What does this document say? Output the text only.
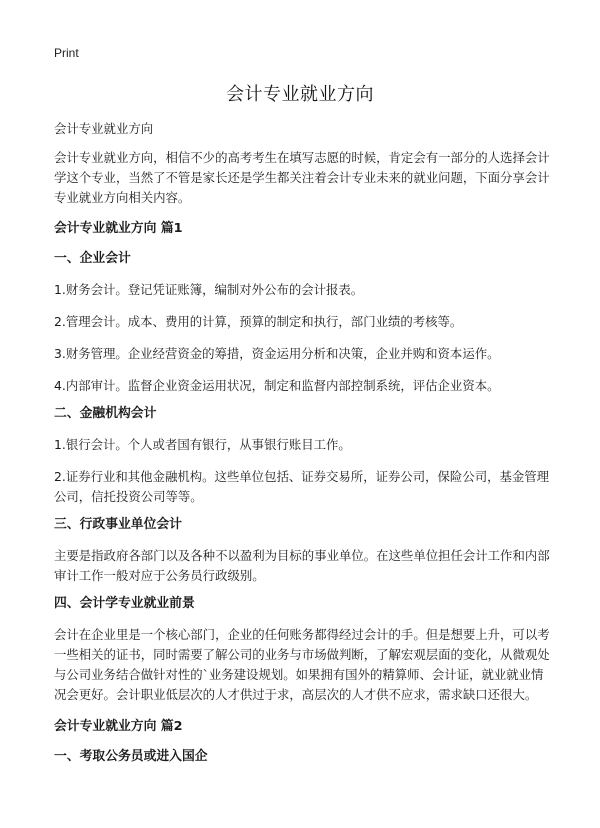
Print
会计专业就业方向

会计专业就业方向

会计专业就业方向，相信不少的高考考生在填写志愿的时候，肯定会有一部分的人选择会计学这个专业，当然了不管是家长还是学生都关注着会计专业未来的就业问题，下面分享会计专业就业方向相关内容。

会计专业就业方向 篇1
一、企业会计

1.财务会计。登记凭证账簿，编制对外公布的会计报表。

2.管理会计。成本、费用的计算，预算的制定和执行，部门业绩的考核等。

3.财务管理。企业经营资金的筹措，资金运用分析和决策，企业并购和资本运作。

4.内部审计。监督企业资金运用状况，制定和监督内部控制系统，评估企业资本。

二、金融机构会计

1.银行会计。个人或者国有银行，从事银行账目工作。

2.证券行业和其他金融机构。这些单位包括、证券交易所，证券公司，保险公司，基金管理公司，信托投资公司等等。

三、行政事业单位会计

主要是指政府各部门以及各种不以盈利为目标的事业单位。在这些单位担任会计工作和内部审计工作一般对应于公务员行政级别。

四、会计学专业就业前景

会计在企业里是一个核心部门，企业的任何账务都得经过会计的手。但是想要上升，可以考一些相关的证书，同时需要了解公司的业务与市场做判断，了解宏观层面的变化，从微观处与公司业务结合做针对性的`业务建设规划。如果拥有国外的精算师、会计证，就业就业情况会更好。会计职业低层次的人才供过于求，高层次的人才供不应求，需求缺口还很大。

会计专业就业方向 篇2
一、考取公务员或进入国企
